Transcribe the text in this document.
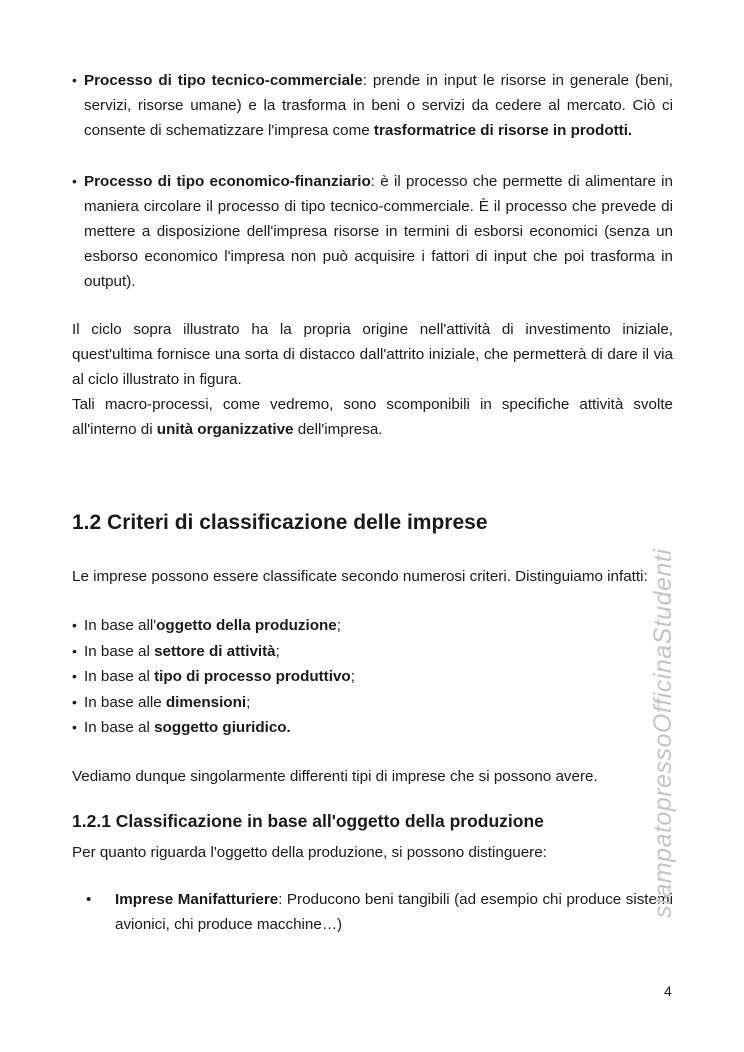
• Processo di tipo tecnico-commerciale: prende in input le risorse in generale (beni, servizi, risorse umane) e la trasforma in beni o servizi da cedere al mercato. Ciò ci consente di schematizzare l'impresa come trasformatrice di risorse in prodotti.

• Processo di tipo economico-finanziario: è il processo che permette di alimentare in maniera circolare il processo di tipo tecnico-commerciale. È il processo che prevede di mettere a disposizione dell'impresa risorse in termini di esborsi economici (senza un esborso economico l'impresa non può acquisire i fattori di input che poi trasforma in output).

Il ciclo sopra illustrato ha la propria origine nell'attività di investimento iniziale, quest'ultima fornisce una sorta di distacco dall'attrito iniziale, che permetterà di dare il via al ciclo illustrato in figura.

Tali macro-processi, come vedremo, sono scomponibili in specifiche attività svolte all'interno di unità organizzative dell'impresa.

1.2 Criteri di classificazione delle imprese

Le imprese possono essere classificate secondo numerosi criteri. Distinguiamo infatti:

• In base all'oggetto della produzione;
• In base al settore di attività;
• In base al tipo di processo produttivo;
• In base alle dimensioni;
• In base al soggetto giuridico.

Vediamo dunque singolarmente differenti tipi di imprese che si possono avere.

1.2.1 Classificazione in base all'oggetto della produzione

Per quanto riguarda l'oggetto della produzione, si possono distinguere:

• Imprese Manifatturiere: Producono beni tangibili (ad esempio chi produce sistemi avionici, chi produce macchine…)

stampatopressoOfficinaStudenti
4
